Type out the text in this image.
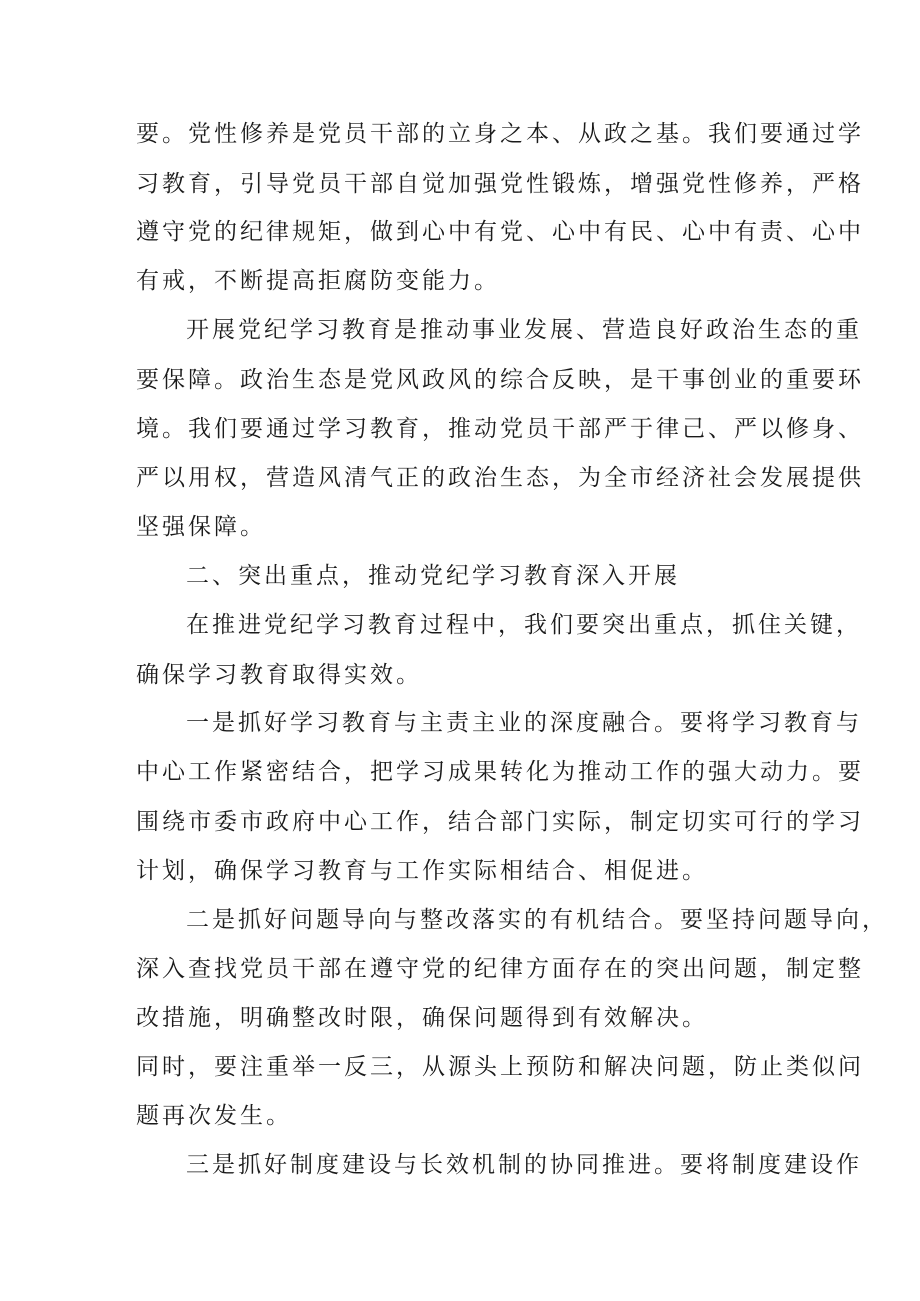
要。党性修养是党员干部的立身之本、从政之基。我们要通过学
习教育，引导党员干部自觉加强党性锻炼，增强党性修养，严格
遵守党的纪律规矩，做到心中有党、心中有民、心中有责、心中
有戒，不断提高拒腐防变能力。
开展党纪学习教育是推动事业发展、营造良好政治生态的重
要保障。政治生态是党风政风的综合反映，是干事创业的重要环
境。我们要通过学习教育，推动党员干部严于律己、严以修身、
严以用权，营造风清气正的政治生态，为全市经济社会发展提供
坚强保障。
二、突出重点，推动党纪学习教育深入开展
在推进党纪学习教育过程中，我们要突出重点，抓住关键，
确保学习教育取得实效。
一是抓好学习教育与主责主业的深度融合。要将学习教育与
中心工作紧密结合，把学习成果转化为推动工作的强大动力。要
围绕市委市政府中心工作，结合部门实际，制定切实可行的学习
计划，确保学习教育与工作实际相结合、相促进。
二是抓好问题导向与整改落实的有机结合。要坚持问题导向，
深入查找党员干部在遵守党的纪律方面存在的突出问题，制定整
改措施，明确整改时限，确保问题得到有效解决。
同时，要注重举一反三，从源头上预防和解决问题，防止类似问
题再次发生。
三是抓好制度建设与长效机制的协同推进。要将制度建设作
